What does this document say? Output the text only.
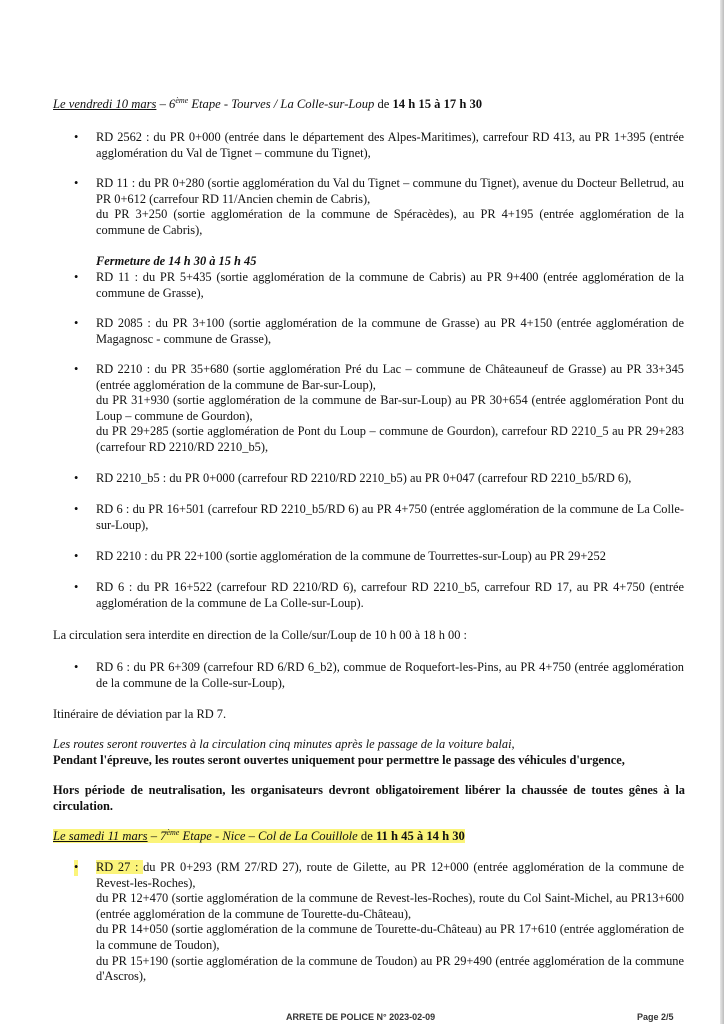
Le vendredi 10 mars – 6ème Etape - Tourves / La Colle-sur-Loup de 14 h 15 à 17 h 30
• RD 2562 : du PR 0+000 (entrée dans le département des Alpes-Maritimes), carrefour RD 413, au PR 1+395 (entrée agglomération du Val de Tignet – commune du Tignet),

• RD 11 : du PR 0+280 (sortie agglomération du Val du Tignet – commune du Tignet), avenue du Docteur Belletrud, au PR 0+612 (carrefour RD 11/Ancien chemin de Cabris),

du PR 3+250 (sortie agglomération de la commune de Spéracèdes), au PR 4+195 (entrée agglomération de la commune de Cabris),

Fermeture de 14 h 30 à 15 h 45
• RD 11 : du PR 5+435 (sortie agglomération de la commune de Cabris) au PR 9+400 (entrée agglomération de la commune de Grasse),

• RD 2085 : du PR 3+100 (sortie agglomération de la commune de Grasse) au PR 4+150 (entrée agglomération de Magagnosc - commune de Grasse),

• RD 2210 : du PR 35+680 (sortie agglomération Pré du Lac – commune de Châteauneuf de Grasse) au PR 33+345 (entrée agglomération de la commune de Bar-sur-Loup),

du PR 31+930 (sortie agglomération de la commune de Bar-sur-Loup) au PR 30+654 (entrée agglomération Pont du Loup – commune de Gourdon),

du PR 29+285 (sortie agglomération de Pont du Loup – commune de Gourdon), carrefour RD 2210_5 au PR 29+283 (carrefour RD 2210/RD 2210_b5),

• RD 2210_b5 : du PR 0+000 (carrefour RD 2210/RD 2210_b5) au PR 0+047 (carrefour RD 2210_b5/RD 6),

• RD 6 : du PR 16+501 (carrefour RD 2210_b5/RD 6) au PR 4+750 (entrée agglomération de la commune de La Colle-sur-Loup),

• RD 2210 : du PR 22+100 (sortie agglomération de la commune de Tourrettes-sur-Loup) au PR 29+252

• RD 6 : du PR 16+522 (carrefour RD 2210/RD 6), carrefour RD 2210_b5, carrefour RD 17, au PR 4+750 (entrée agglomération de la commune de La Colle-sur-Loup).

La circulation sera interdite en direction de la Colle/sur/Loup de 10 h 00 à 18 h 00 :
• RD 6 : du PR 6+309 (carrefour RD 6/RD 6_b2), commue de Roquefort-les-Pins, au PR 4+750 (entrée agglomération de la commune de la Colle-sur-Loup),

Itinéraire de déviation par la RD 7.
Les routes seront rouvertes à la circulation cinq minutes après le passage de la voiture balai,
Pendant l'épreuve, les routes seront ouvertes uniquement pour permettre le passage des véhicules d'urgence,
Hors période de neutralisation, les organisateurs devront obligatoirement libérer la chaussée de toutes gênes à la circulation.
Le samedi 11 mars – 7ème Etape - Nice – Col de La Couillole de 11 h 45 à 14 h 30
• RD 27 : du PR 0+293 (RM 27/RD 27), route de Gilette, au PR 12+000 (entrée agglomération de la commune de Revest-les-Roches),

du PR 12+470 (sortie agglomération de la commune de Revest-les-Roches), route du Col Saint-Michel, au PR13+600 (entrée agglomération de la commune de Tourette-du-Château),

du PR 14+050 (sortie agglomération de la commune de Tourette-du-Château) au PR 17+610 (entrée agglomération de la commune de Toudon),

du PR 15+190 (sortie agglomération de la commune de Toudon) au PR 29+490 (entrée agglomération de la commune d'Ascros),

ARRETE DE POLICE N° 2023-02-09	Page 2/5
